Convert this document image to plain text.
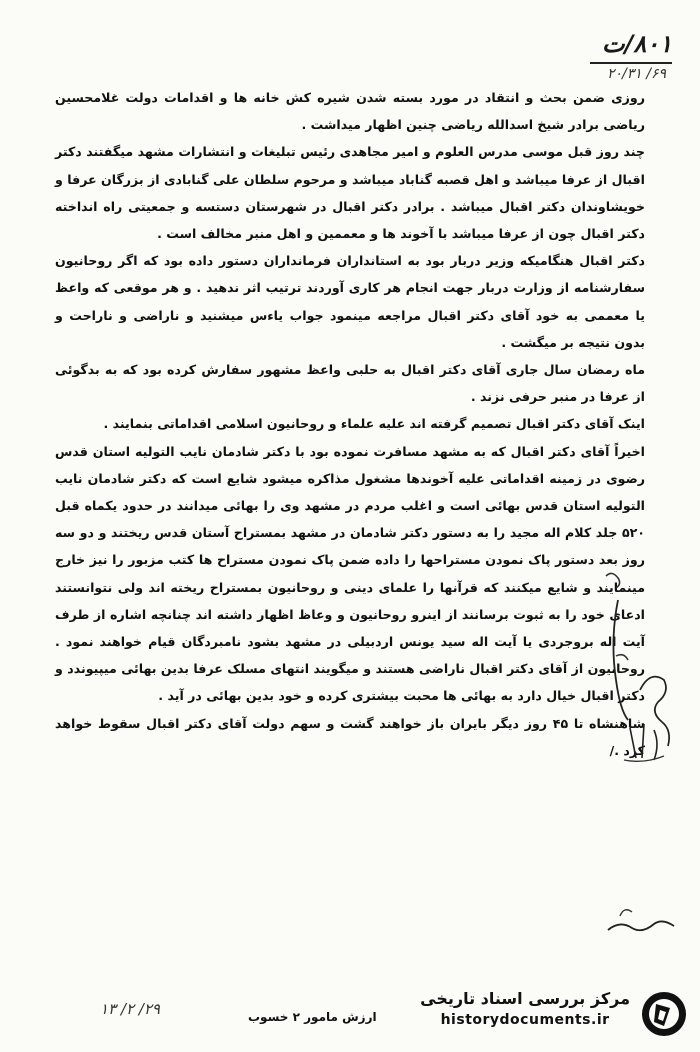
۸۰۱/ت
۶۹/ ۲۰/۳۱

روزی ضمن بحث و انتقاد در مورد بسته شدن شیره کش خانه ها و اقدامات دولت غلامحسین ریاضی برادر شیخ اسدالله ریاضی چنین اظهار میداشت .

چند روز قبل موسی مدرس العلوم و امیر مجاهدی رئیس تبلیغات و انتشارات مشهد میگفتند دکتر اقبال از عرفا میباشد و اهل قصبه گناباد میباشد و مرحوم سلطان علی گنابادی از بزرگان عرفا و خویشاوندان دکتر اقبال میباشد . برادر دکتر اقبال در شهرستان دستسه و جمعیتی راه انداخته دکتر اقبال چون از عرفا میباشد با آخوند ها و معممین و اهل منبر مخالف است .

دکتر اقبال هنگامیکه وزیر دربار بود به استانداران فرمانداران دستور داده بود که اگر روحانیون سفارشنامه از وزارت دربار جهت انجام هر کاری آوردند ترتیب اثر ندهید . و هر موقعی که واعظ یا معممی به خود آقای دکتر اقبال مراجعه مینمود جواب یاءس میشنید و ناراضی و ناراحت و بدون نتیجه بر میگشت .

ماه رمضان سال جاری آقای دکتر اقبال به حلبی واعظ مشهور سفارش کرده بود که به بدگوئی از عرفا در منبر حرفی نزند .

اینک آقای دکتر اقبال تصمیم گرفته اند علیه علماء و روحانیون اسلامی اقداماتی بنمایند .

اخیراً آقای دکتر اقبال که به مشهد مسافرت نموده بود با دکتر شادمان نایب التولیه استان قدس رضوی در زمینه اقداماتی علیه آخوندها مشغول مذاکره میشود شایع است که دکتر شادمان نایب التولیه استان قدس بهائی است و اغلب مردم در مشهد وی را بهائی میدانند در حدود یکماه قبل ۵۲۰ جلد کلام اله مجید را به دستور دکتر شادمان در مشهد بمستراح آستان قدس ریختند و دو سه روز بعد دستور پاک نمودن مستراحها را داده ضمن پاک نمودن مستراح ها کتب مزبور را نیز خارج مینمایند و شایع میکنند که قرآنها را علمای دینی و روحانیون بمستراح ریخته اند ولی نتوانستند ادعای خود را به ثبوت برسانند از اینرو روحانیون و وعاظ اظهار داشته اند چنانچه اشاره از طرف آیت اله بروجردی یا آیت اله سید یونس اردبیلی در مشهد بشود نامبردگان قیام خواهند نمود . روحانیون از آقای دکتر اقبال ناراضی هستند و میگویند انتهای مسلک عرفا بدین بهائی میپیوندد و دکتر اقبال خیال دارد به بهائی ها محبت بیشتری کرده و خود بدین بهائی در آید .

شاهنشاه تا ۴۵ روز دیگر بایران باز خواهند گشت و سهم دولت آقای دکتر اقبال سقوط خواهد کرد ./

۲۹/ ۲/ ۱۳	ارزش مامور ۲ خسوب
مرکز بررسی اسناد تاریخی
historydocuments.ir
